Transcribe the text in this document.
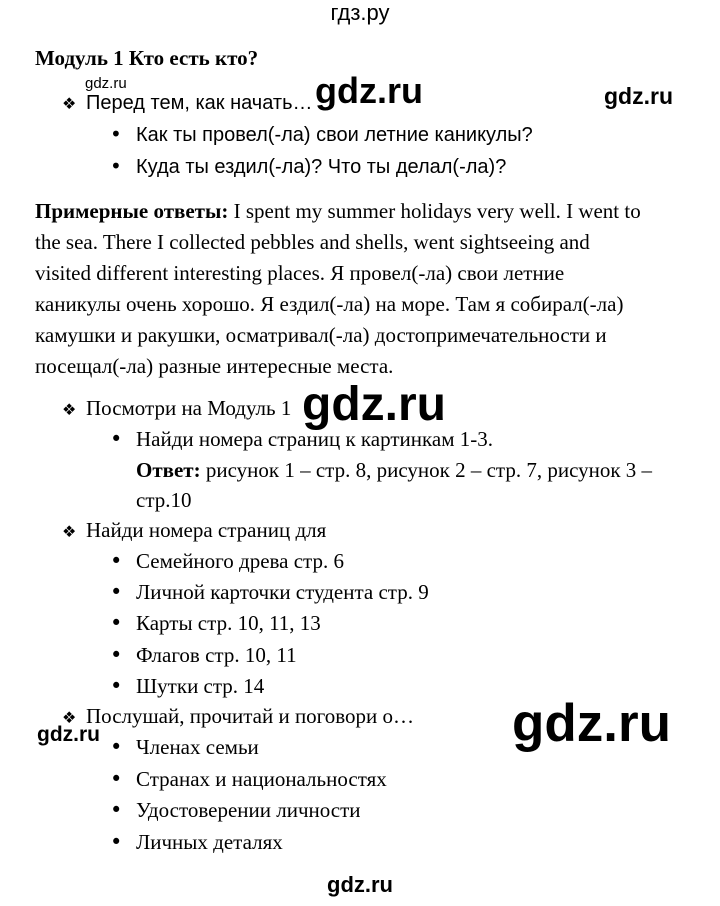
гдз.ру
Модуль 1 Кто есть кто?
gdz.ru	gdz.ru	gdz.ru
gdz.ru
gdz.ru
gdz.ru
❖ Перед тем, как начать…
• Как ты провел(-ла) свои летние каникулы?
• Куда ты ездил(-ла)? Что ты делал(-ла)?
Примерные ответы: I spent my summer holidays very well. I went to
the sea. There I collected pebbles and shells, went sightseeing and
visited different interesting places. Я провел(-ла) свои летние
каникулы очень хорошо. Я ездил(-ла) на море. Там я собирал(-ла)
камушки и ракушки, осматривал(-ла) достопримечательности и
посещал(-ла) разные интересные места.
❖ Посмотри на Модуль 1
• Найди номера страниц к картинкам 1-3.
Ответ: рисунок 1 – стр. 8, рисунок 2 – стр. 7, рисунок 3 –
стр.10
❖ Найди номера страниц для
• Семейного древа стр. 6
• Личной карточки студента стр. 9
• Карты стр. 10, 11, 13
• Флагов стр. 10, 11
• Шутки стр. 14
❖ Послушай, прочитай и поговори о…
• Членах семьи
• Странах и национальностях
• Удостоверении личности
• Личных деталях
gdz.ru
